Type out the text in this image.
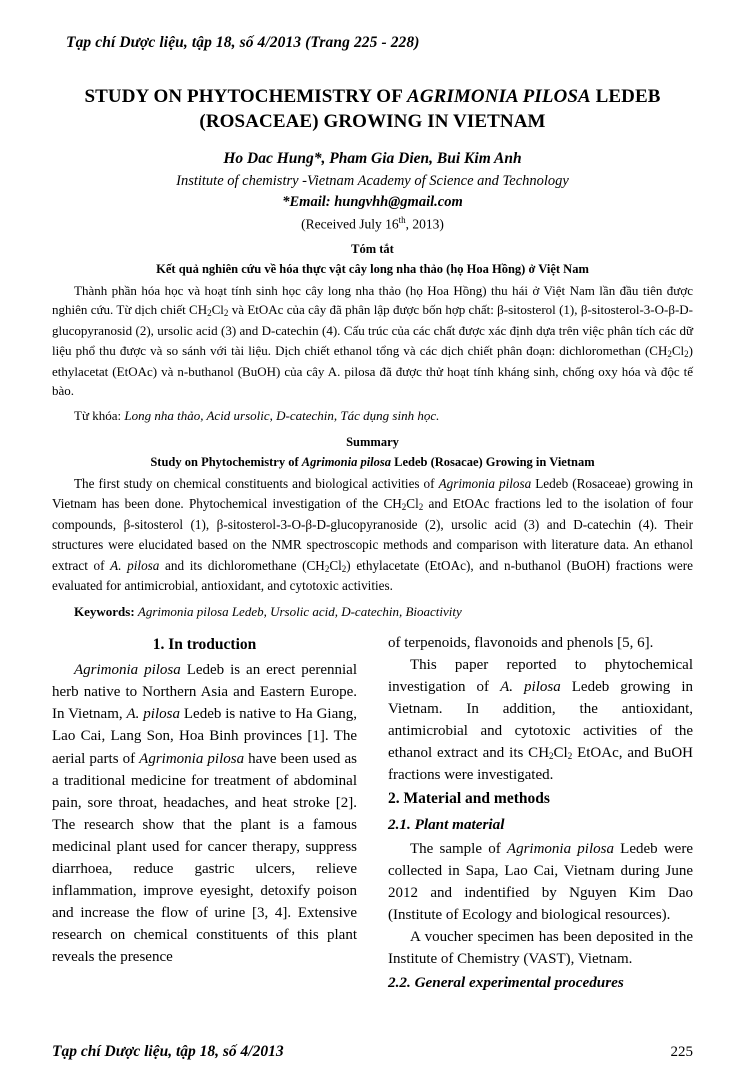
Tạp chí Dược liệu, tập 18, số 4/2013 (Trang 225 - 228)
STUDY ON PHYTOCHEMISTRY OF AGRIMONIA PILOSA LEDEB
(ROSACEAE) GROWING IN VIETNAM
Ho Dac Hung*, Pham Gia Dien, Bui Kim Anh
Institute of chemistry -Vietnam Academy of Science and Technology
*Email: hungvhh@gmail.com
(Received July 16th, 2013)
Tóm tắt
Kết quả nghiên cứu về hóa thực vật cây long nha thảo (họ Hoa Hồng) ở Việt Nam
Thành phần hóa học và hoạt tính sinh học cây long nha thảo (họ Hoa Hồng) thu hái ở Việt Nam lần đầu tiên được nghiên cứu. Từ dịch chiết $CH_2Cl_2$ và EtOAc của cây đã phân lập được bốn hợp chất: β-sitosterol (1), β-sitosterol-3-O-β-D-glucopyranosid (2), ursolic acid (3) and D-catechin (4). Cấu trúc của các chất được xác định dựa trên việc phân tích các dữ liệu phổ thu được và so sánh với tài liệu. Dịch chiết ethanol tổng và các dịch chiết phân đoạn: dichloromethan $(CH_2Cl_2)$ ethylacetat (EtOAc) và n-buthanol (BuOH) của cây A. pilosa đã được thử hoạt tính kháng sinh, chống oxy hóa và độc tế bào.
Từ khóa: Long nha thảo, Acid ursolic, D-catechin, Tác dụng sinh học.
Summary
Study on Phytochemistry of Agrimonia pilosa Ledeb (Rosacae) Growing in Vietnam
The first study on chemical constituents and biological activities of Agrimonia pilosa Ledeb (Rosaceae) growing in Vietnam has been done. Phytochemical investigation of the $CH_2Cl_2$ and EtOAc fractions led to the isolation of four compounds, β-sitosterol (1), β-sitosterol-3-O-β-D-glucopyranoside (2), ursolic acid (3) and D-catechin (4). Their structures were elucidated based on the NMR spectroscopic methods and comparison with literature data. An ethanol extract of A. pilosa and its dichloromethane $(CH_2Cl_2)$ ethylacetate (EtOAc), and n-buthanol (BuOH) fractions were evaluated for antimicrobial, antioxidant, and cytotoxic activities.
Keywords: Agrimonia pilosa Ledeb, Ursolic acid, D-catechin, Bioactivity
1. In troduction

Agrimonia pilosa Ledeb is an erect perennial herb native to Northern Asia and Eastern Europe. In Vietnam, A. pilosa Ledeb is native to Ha Giang, Lao Cai, Lang Son, Hoa Binh provinces [1]. The aerial parts of Agrimonia pilosa have been used as a traditional medicine for treatment of abdominal pain, sore throat, headaches, and heat stroke [2]. The research show that the plant is a famous medicinal plant used for cancer therapy, suppress diarrhoea, reduce gastric ulcers, relieve inflammation, improve eyesight, detoxify poison and increase the flow of urine [3, 4]. Extensive research on chemical constituents of this plant reveals the presence

of terpenoids, flavonoids and phenols [5, 6].

This paper reported to phytochemical investigation of A. pilosa Ledeb growing in Vietnam. In addition, the antioxidant, antimicrobial and cytotoxic activities of the ethanol extract and its $CH_2Cl_2$ EtOAc, and BuOH fractions were investigated.

2. Material and methods
2.1. Plant material

The sample of Agrimonia pilosa Ledeb were collected in Sapa, Lao Cai, Vietnam during June 2012 and indentified by Nguyen Kim Dao (Institute of Ecology and biological resources).

A voucher specimen has been deposited in the Institute of Chemistry (VAST), Vietnam.

2.2. General experimental procedures
Tạp chí Dược liệu, tập 18, số 4/2013	225
